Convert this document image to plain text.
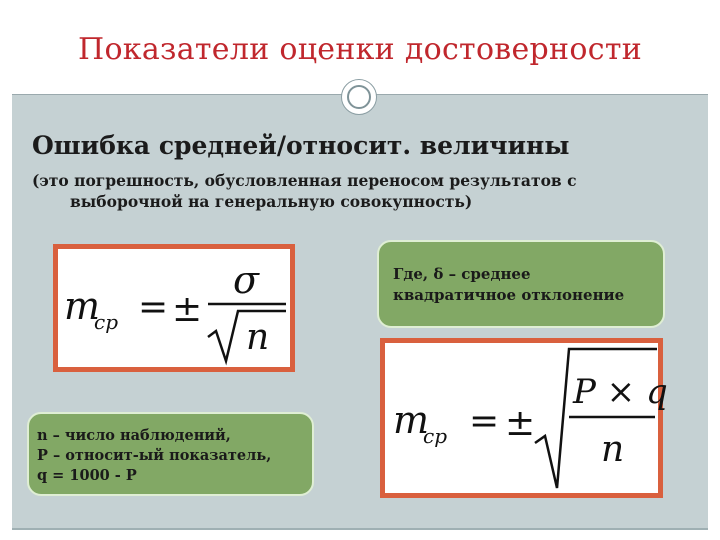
Показатели оценки достоверности
Ошибка средней/относит. величины
(это погрешность, обусловленная переносом результатов с
выборочной на генеральную совокупность)
m
ср = ±
σ
n
Где, δ – среднее
квадратичное отклонение
m
ср = ±
P × q
n
n – число наблюдений,
P – относит-ый показатель,
q = 1000 - P
